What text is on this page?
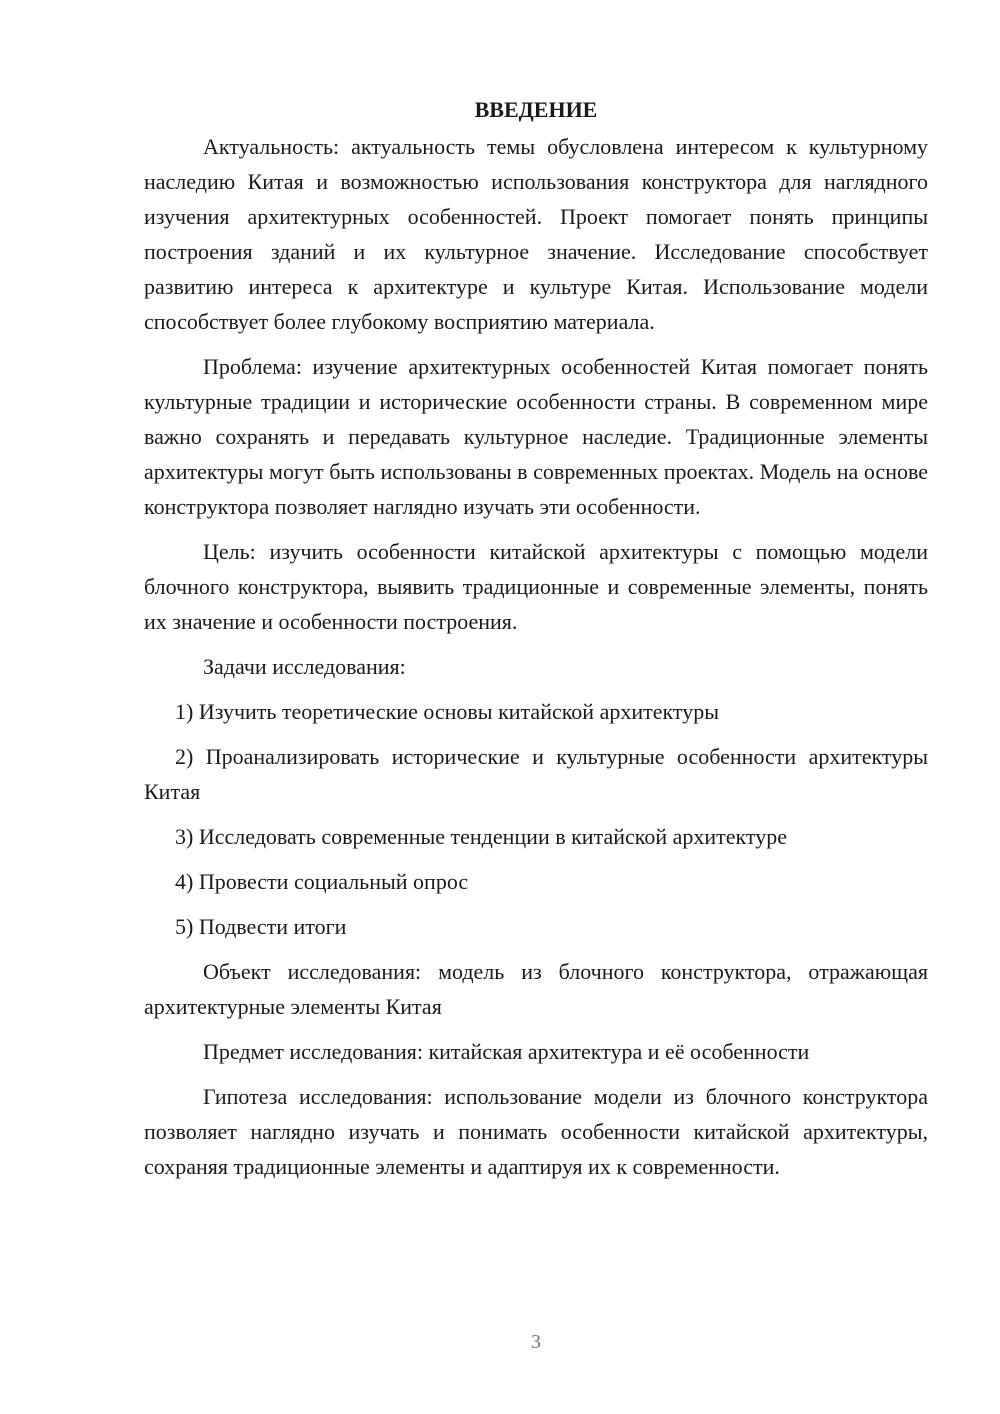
ВВЕДЕНИЕ

Актуальность: актуальность темы обусловлена интересом к культурному наследию Китая и возможностью использования конструктора для наглядного изучения архитектурных особенностей. Проект помогает понять принципы построения зданий и их культурное значение. Исследование способствует развитию интереса к архитектуре и культуре Китая. Использование модели способствует более глубокому восприятию материала.

Проблема: изучение архитектурных особенностей Китая помогает понять культурные традиции и исторические особенности страны. В современном мире важно сохранять и передавать культурное наследие. Традиционные элементы архитектуры могут быть использованы в современных проектах. Модель на основе конструктора позволяет наглядно изучать эти особенности.

Цель: изучить особенности китайской архитектуры с помощью модели блочного конструктора, выявить традиционные и современные элементы, понять их значение и особенности построения.

Задачи исследования:

1) Изучить теоретические основы китайской архитектуры

2) Проанализировать исторические и культурные особенности архитектуры Китая

3) Исследовать современные тенденции в китайской архитектуре

4) Провести социальный опрос

5) Подвести итоги

Объект исследования: модель из блочного конструктора, отражающая архитектурные элементы Китая

Предмет исследования: китайская архитектура и её особенности

Гипотеза исследования: использование модели из блочного конструктора позволяет наглядно изучать и понимать особенности китайской архитектуры, сохраняя традиционные элементы и адаптируя их к современности.

3
